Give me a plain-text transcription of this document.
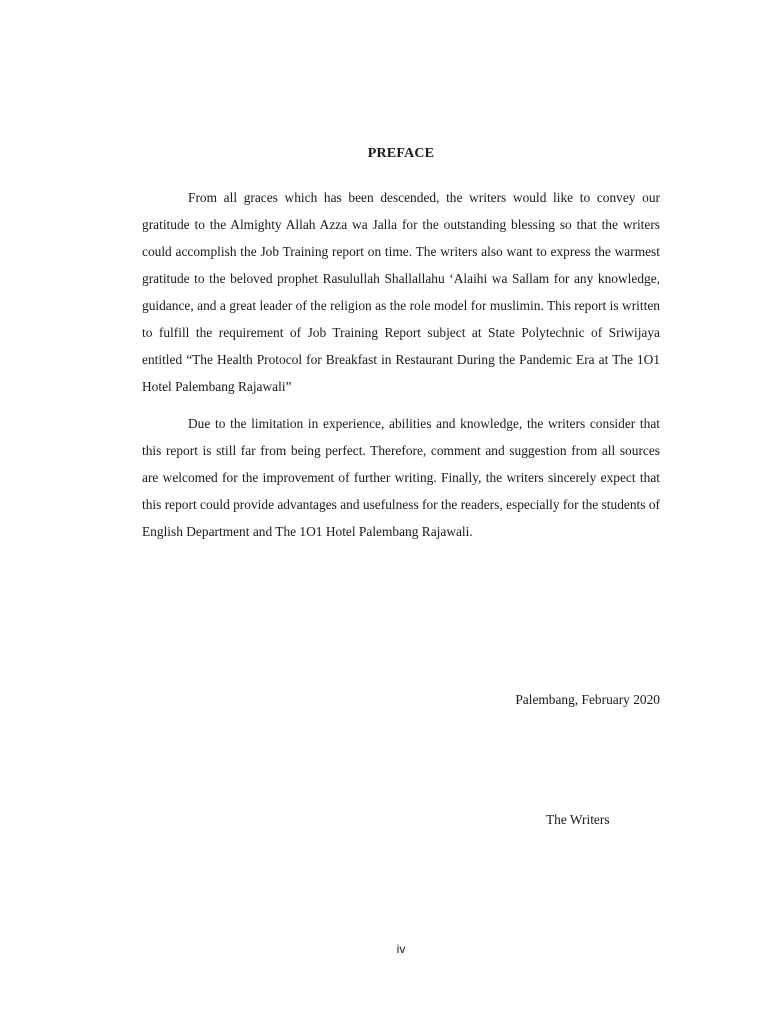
PREFACE

From all graces which has been descended, the writers would like to convey our gratitude to the Almighty Allah Azza wa Jalla for the outstanding blessing so that the writers could accomplish the Job Training report on time. The writers also want to express the warmest gratitude to the beloved prophet Rasulullah Shallallahu ‘Alaihi wa Sallam for any knowledge, guidance, and a great leader of the religion as the role model for muslimin. This report is written to fulfill the requirement of Job Training Report subject at State Polytechnic of Sriwijaya entitled “The Health Protocol for Breakfast in Restaurant During the Pandemic Era at The 1O1 Hotel Palembang Rajawali”

Due to the limitation in experience, abilities and knowledge, the writers consider that this report is still far from being perfect. Therefore, comment and suggestion from all sources are welcomed for the improvement of further writing. Finally, the writers sincerely expect that this report could provide advantages and usefulness for the readers, especially for the students of English Department and The 1O1 Hotel Palembang Rajawali.

Palembang, February 2020
The Writers
iv
